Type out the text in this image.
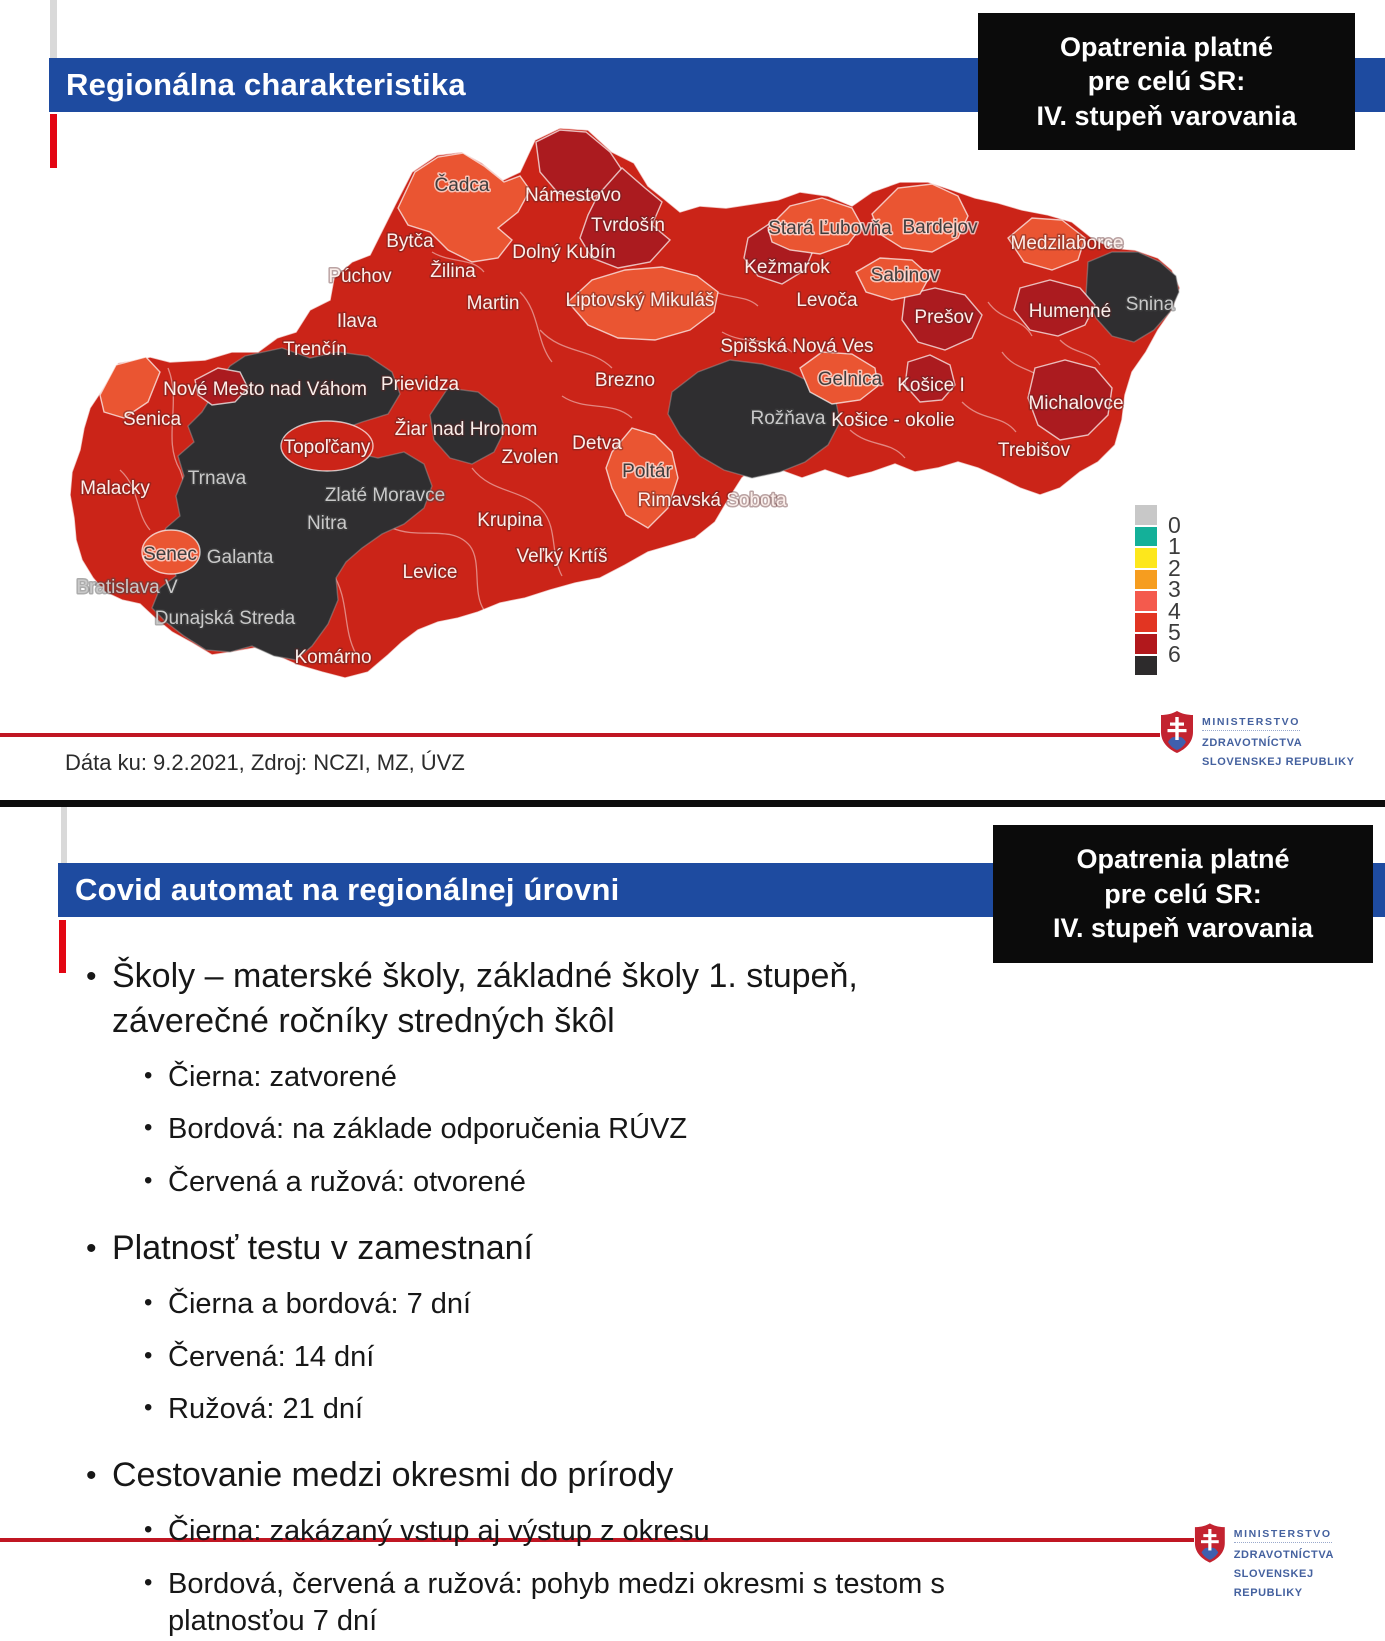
Regionálna charakteristika
Opatrenia platné
pre celú SR:
IV. stupeň varovania
Čadca Námestovo
Tvrdošín
Bytča
Dolný Kubín
Stará Ľubovňa Bardejov
Medzilaborce
Žilina	Kežmarok Sabinov
Púchov
Martin Liptovský Mikuláš	Levoča
Prešov	Humenné Snina
Ilava
Trenčín	Spišská Nová Ves
Nové Mesto nad Váhom Prievidza	Brezno	Gelnica Košice I
Michalovce
Senica	Rožňava Košice - okolie
Žiar nad Hronom
Topoľčany	Zvolen
Detva	Trebišov
Malacky Trnava
Zlaté Moravce
Poltár
Rimavská Sobota
Nitra	Krupina
Senec Galanta	Veľký Krtíš
Levice
Bratislava V
Dunajská Streda
Komárno
0
1
2
3
4
5
6
MINISTERSTVO
ZDRAVOTNÍCTVA
SLOVENSKEJ REPUBLIKY
Dáta ku: 9.2.2021, Zdroj: NCZI, MZ, ÚVZ
Covid automat na regionálnej úrovni
Opatrenia platné
pre celú SR:
IV. stupeň varovania
• Školy – materské školy, základné školy 1. stupeň, záverečné ročníky stredných škôl
• Čierna: zatvorené
• Bordová: na základe odporučenia RÚVZ
• Červená a ružová: otvorené
• Platnosť testu v zamestnaní
• Čierna a bordová: 7 dní
• Červená: 14 dní
• Ružová: 21 dní
• Cestovanie medzi okresmi do prírody
• Čierna: zakázaný vstup aj výstup z okresu
• Bordová, červená a ružová: pohyb medzi okresmi s testom s platnosťou 7 dní
MINISTERSTVO
ZDRAVOTNÍCTVA
SLOVENSKEJ REPUBLIKY
